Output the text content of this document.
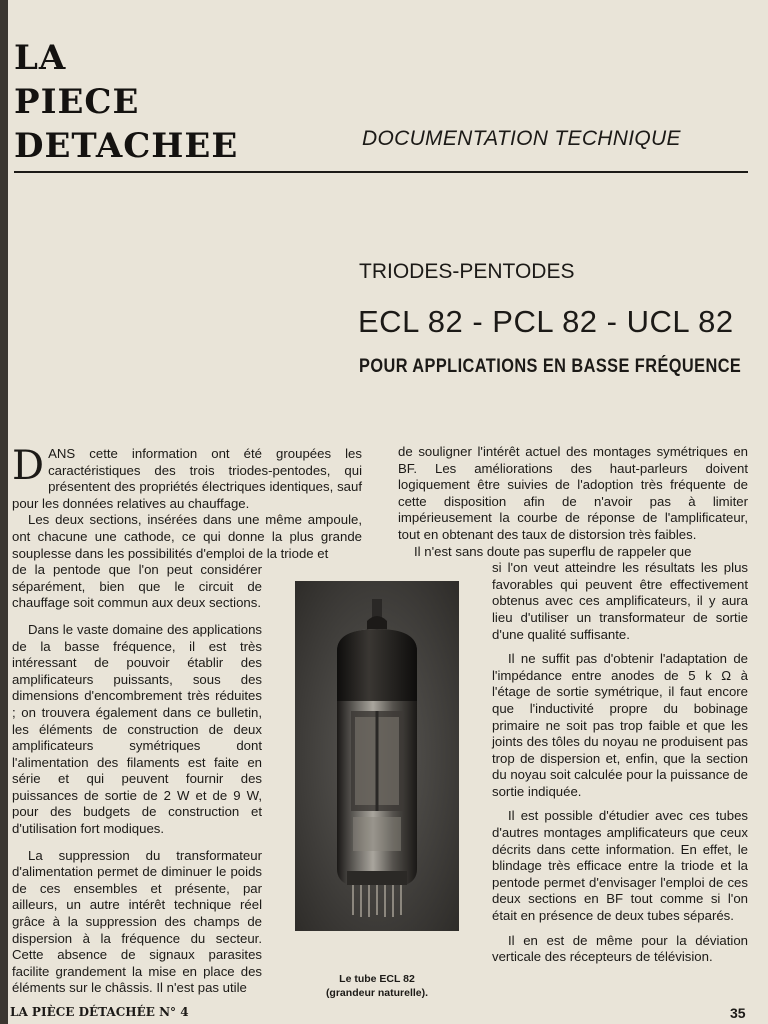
LA
PIECE
DETACHEE	DOCUMENTATION TECHNIQUE
TRIODES-PENTODES
ECL 82 - PCL 82 - UCL 82
POUR APPLICATIONS EN BASSE FRÉQUENCE

DANS cette information ont été groupées les caractéristiques des trois triodes-pentodes, qui présentent des propriétés électriques identiques, sauf pour les données relatives au chauffage.

Les deux sections, insérées dans une même ampoule, ont chacune une cathode, ce qui donne la plus grande souplesse dans les possibilités d'emploi de la triode et

de la pentode que l'on peut considérer séparément, bien que le circuit de chauffage soit commun aux deux sections.

Dans le vaste domaine des applications de la basse fréquence, il est très intéressant de pouvoir établir des amplificateurs puissants, sous des dimensions d'encombrement très réduites ; on trouvera également dans ce bulletin, les éléments de construction de deux amplificateurs symétriques dont l'alimentation des filaments est faite en série et qui peuvent fournir des puissances de sortie de 2 W et de 9 W, pour des budgets de construction et d'utilisation fort modiques.

La suppression du transformateur d'alimentation permet de diminuer le poids de ces ensembles et présente, par ailleurs, un autre intérêt technique réel grâce à la suppression des champs de dispersion à la fréquence du secteur. Cette absence de signaux parasites facilite grandement la mise en place des éléments sur le châssis. Il n'est pas utile

de souligner l'intérêt actuel des montages symétriques en BF. Les améliorations des haut-parleurs doivent logiquement être suivies de l'adoption très fréquente de cette disposition afin de n'avoir pas à limiter impérieusement la courbe de réponse de l'amplificateur, tout en obtenant des taux de distorsion très faibles.

Il n'est sans doute pas superflu de rappeler que

si l'on veut atteindre les résultats les plus favorables qui peuvent être effectivement obtenus avec ces amplificateurs, il y aura lieu d'utiliser un transformateur de sortie d'une qualité suffisante.

Il ne suffit pas d'obtenir l'adaptation de l'impédance entre anodes de 5 k Ω à l'étage de sortie symétrique, il faut encore que l'inductivité propre du bobinage primaire ne soit pas trop faible et que les joints des tôles du noyau ne produisent pas trop de dispersion et, enfin, que la section du noyau soit calculée pour la puissance de sortie indiquée.

Il est possible d'étudier avec ces tubes d'autres montages amplificateurs que ceux décrits dans cette information. En effet, le blindage très efficace entre la triode et la pentode permet d'envisager l'emploi de ces deux sections en BF tout comme si l'on était en présence de deux tubes séparés.

Il en est de même pour la déviation verticale des récepteurs de télévision.

Le tube ECL 82
(grandeur naturelle).
LA PIÈCE DÉTACHÉE N° 4	35
